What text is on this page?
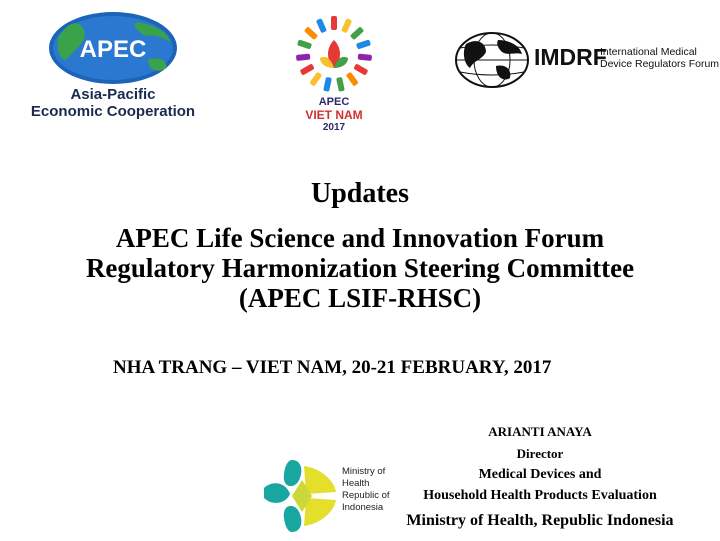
APEC
Asia-Pacific
Economic Cooperation
APEC
VIET NAM
2017
IMDRF
International Medical
Device Regulators Forum
Updates
APEC Life Science and Innovation Forum
Regulatory Harmonization Steering Committee
(APEC LSIF-RHSC)
NHA TRANG – VIET NAM, 20-21 FEBRUARY, 2017
ARIANTI ANAYA
Director
Medical Devices and
Household Health Products Evaluation
Ministry of Health, Republic Indonesia
Ministry of
Health
Republic of
Indonesia
